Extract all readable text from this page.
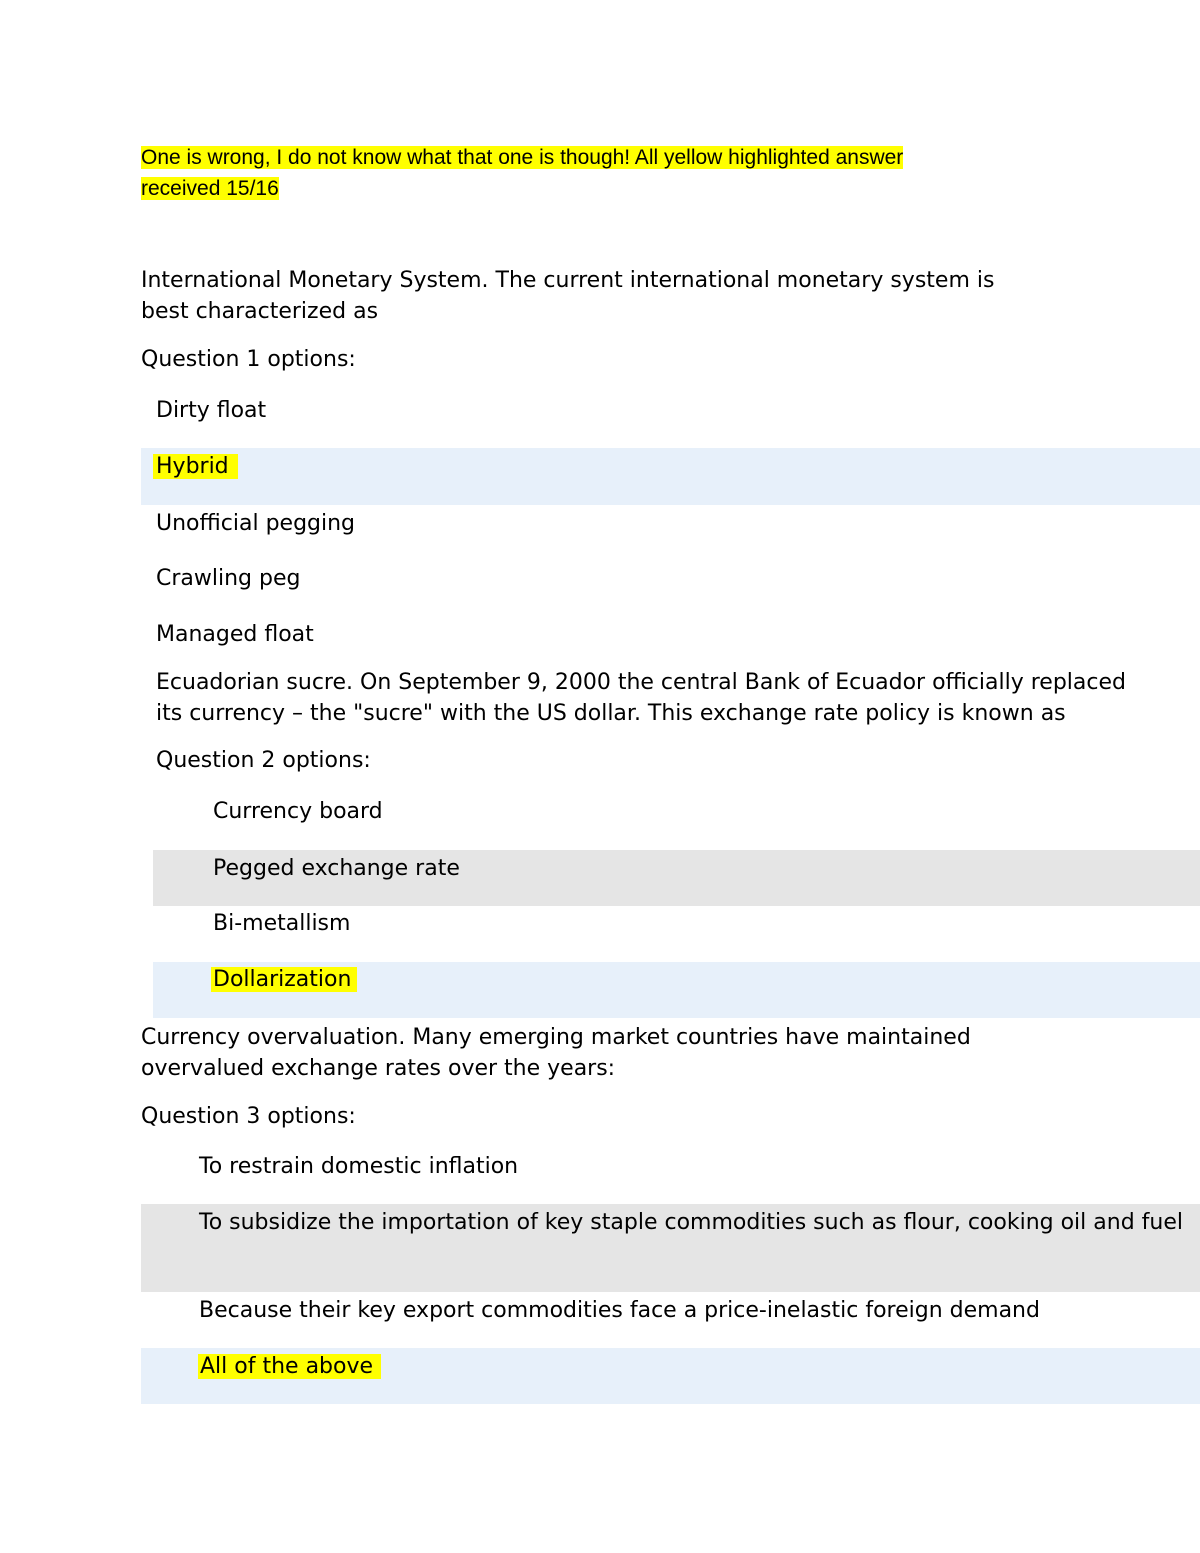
One is wrong, I do not know what that one is though! All yellow highlighted answer
received 15/16
International Monetary System. The current international monetary system is
best characterized as
Question 1 options:
Dirty float
Hybrid
Unofficial pegging
Crawling peg
Managed float
Ecuadorian sucre. On September 9, 2000 the central Bank of Ecuador officially replaced
its currency – the "sucre" with the US dollar. This exchange rate policy is known as
Question 2 options:
Currency board
Pegged exchange rate
Bi-metallism
Dollarization
Currency overvaluation. Many emerging market countries have maintained
overvalued exchange rates over the years:
Question 3 options:
To restrain domestic inflation
To subsidize the importation of key staple commodities such as flour, cooking oil and fuel
Because their key export commodities face a price-inelastic foreign demand
All of the above
